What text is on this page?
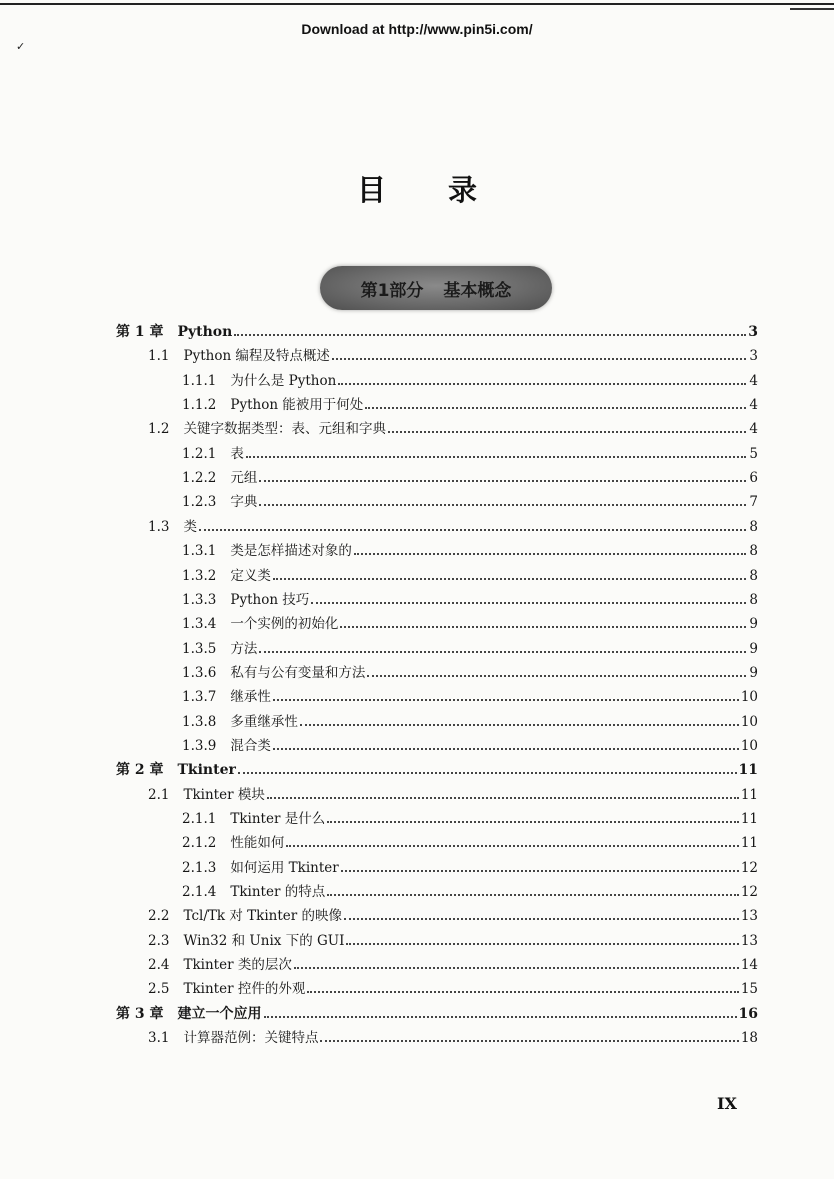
✓
Download at http://www.pin5i.com/
目录
第1部分 基本概念
第 1 章 Python	3
1.1 Python 编程及特点概述	3
1.1.1 为什么是 Python	4
1.1.2 Python 能被用于何处	4
1.2 关键字数据类型：表、元组和字典	4
1.2.1 表	5
1.2.2 元组	6
1.2.3 字典	7
1.3 类	8
1.3.1 类是怎样描述对象的	8
1.3.2 定义类	8
1.3.3 Python 技巧	8
1.3.4 一个实例的初始化	9
1.3.5 方法	9
1.3.6 私有与公有变量和方法	9
1.3.7 继承性	10
1.3.8 多重继承性	10
1.3.9 混合类	10
第 2 章 Tkinter	11
2.1 Tkinter 模块	11
2.1.1 Tkinter 是什么	11
2.1.2 性能如何	11
2.1.3 如何运用 Tkinter	12
2.1.4 Tkinter 的特点	12
2.2 Tcl/Tk 对 Tkinter 的映像	13
2.3 Win32 和 Unix 下的 GUI	13
2.4 Tkinter 类的层次	14
2.5 Tkinter 控件的外观	15
第 3 章 建立一个应用	16
3.1 计算器范例：关键特点	18
IX
